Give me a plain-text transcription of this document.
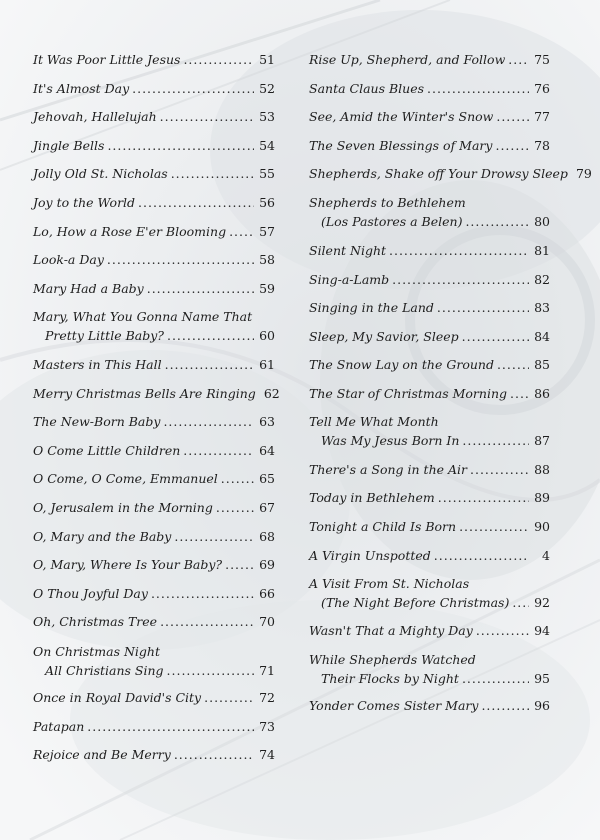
It Was Poor Little Jesus .....	51
It's Almost Day .....	52
Jehovah, Hallelujah .....	53
Jingle Bells .....	54
Jolly Old St. Nicholas .....	55
Joy to the World .....	56
Lo, How a Rose E'er Blooming .....	57
Look-a Day .....	58
Mary Had a Baby .....	59
Mary, What You Gonna Name That
Pretty Little Baby? .....	60
Masters in This Hall .....	61
Merry Christmas Bells Are Ringing 62
The New-Born Baby .....	63
O Come Little Children .....	64
O Come, O Come, Emmanuel .....	65
O, Jerusalem in the Morning .....	67
O, Mary and the Baby .....	68
O, Mary, Where Is Your Baby? .....	69
O Thou Joyful Day .....	66
Oh, Christmas Tree .....	70
On Christmas Night
All Christians Sing .....	71
Once in Royal David's City .....	72
Patapan .....	73
Rejoice and Be Merry .....	74
Rise Up, Shepherd, and Follow ..... 75
Santa Claus Blues .....	76
See, Amid the Winter's Snow .....	77
The Seven Blessings of Mary .....	78
Shepherds, Shake off Your Drowsy Sleep 79
Shepherds to Bethlehem
(Los Pastores a Belen) .....	80
Silent Night .....	81
Sing-a-Lamb .....	82
Singing in the Land .....	83
Sleep, My Savior, Sleep .....	84
The Snow Lay on the Ground .....	85
The Star of Christmas Morning ..... 86
Tell Me What Month
Was My Jesus Born In .....	87
There's a Song in the Air .....	88
Today in Bethlehem .....	89
Tonight a Child Is Born .....	90
A Virgin Unspotted .....	4
A Visit From St. Nicholas
(The Night Before Christmas) ..... 92
Wasn't That a Mighty Day .....	94
While Shepherds Watched
Their Flocks by Night .....	95
Yonder Comes Sister Mary .....	96
